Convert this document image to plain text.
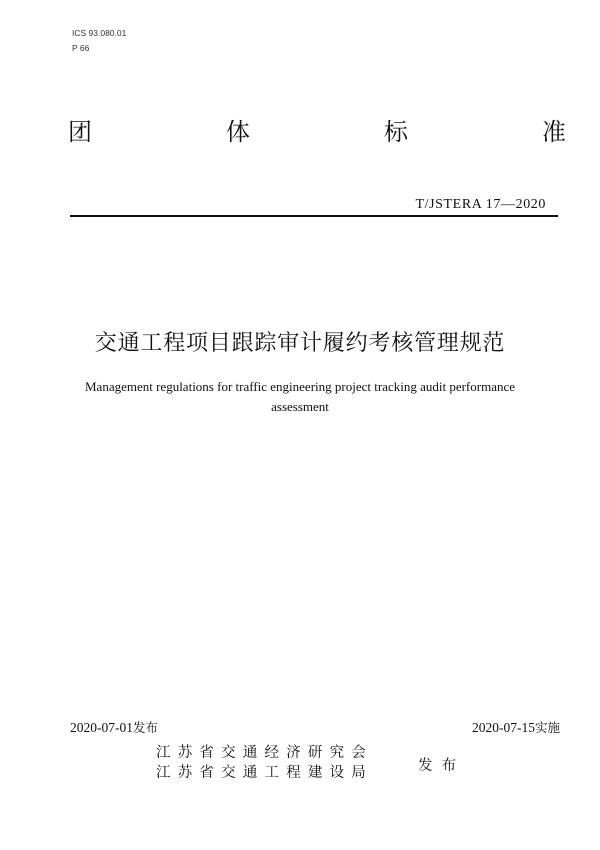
ICS 93.080.01
P 66
团	体	标	准
T/JSTERA 17—2020
交通工程项目跟踪审计履约考核管理规范
Management regulations for traffic engineering project tracking audit performance
assessment
2020-07-01发布	2020-07-15实施
江苏省交通经济研究会
江苏省交通工程建设局	发布
